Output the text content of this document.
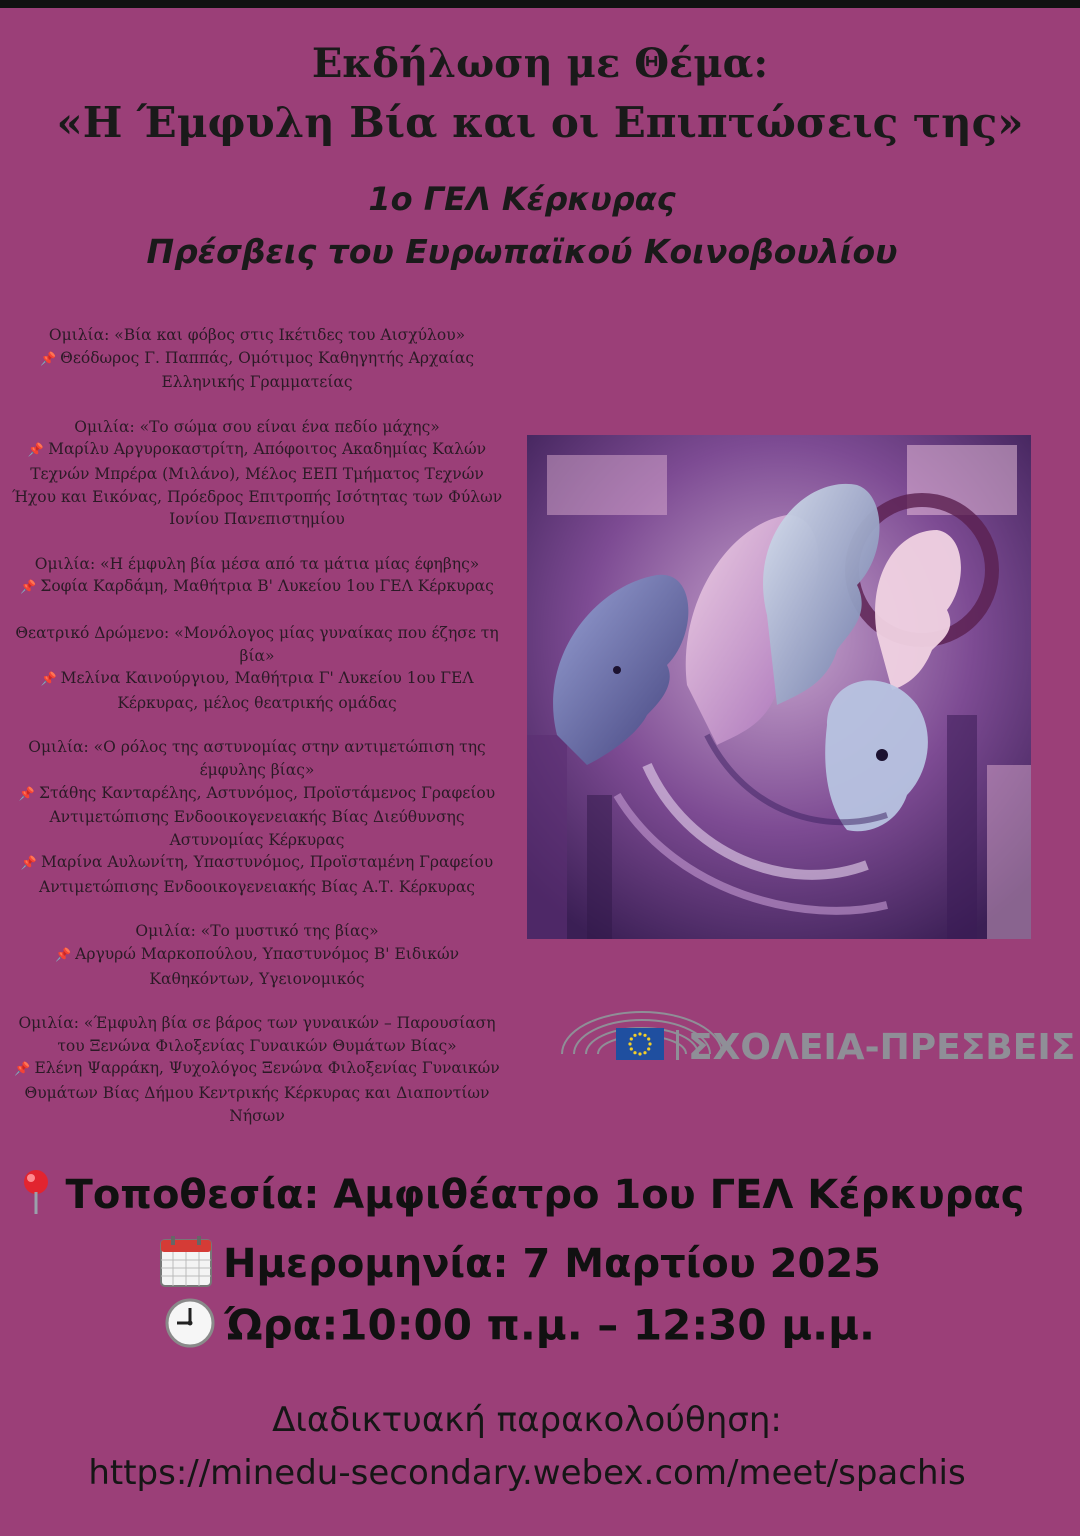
Εκδήλωση με Θέμα:
«Η Έμφυλη Βία και οι Επιπτώσεις της»
1ο ΓΕΛ Κέρκυρας
Πρέσβεις του Ευρωπαϊκού Κοινοβουλίου

Ομιλία: «Βία και φόβος στις Ικέτιδες του Αισχύλου»

📌 Θεόδωρος Γ. Παππάς, Ομότιμος Καθηγητής Αρχαίας Ελληνικής Γραμματείας

Ομιλία: «Το σώμα σου είναι ένα πεδίο μάχης»

📌 Μαρίλυ Αργυροκαστρίτη, Απόφοιτος Ακαδημίας Καλών Τεχνών Μπρέρα (Μιλάνο), Μέλος ΕΕΠ Τμήματος Τεχνών Ήχου και Εικόνας, Πρόεδρος Επιτροπής Ισότητας των Φύλων Ιονίου Πανεπιστημίου

Ομιλία: «Η έμφυλη βία μέσα από τα μάτια μίας έφηβης»

📌 Σοφία Καρδάμη, Μαθήτρια Β' Λυκείου 1ου ΓΕΛ Κέρκυρας

Θεατρικό Δρώμενο: «Μονόλογος μίας γυναίκας που έζησε τη βία»

📌 Μελίνα Καινούργιου, Μαθήτρια Γ' Λυκείου 1ου ΓΕΛ Κέρκυρας, μέλος θεατρικής ομάδας

Ομιλία: «Ο ρόλος της αστυνομίας στην αντιμετώπιση της έμφυλης βίας»

📌 Στάθης Κανταρέλης, Αστυνόμος, Προϊστάμενος Γραφείου Αντιμετώπισης Ενδοοικογενειακής Βίας Διεύθυνσης Αστυνομίας Κέρκυρας

📌 Μαρίνα Αυλωνίτη, Υπαστυνόμος, Προϊσταμένη Γραφείου Αντιμετώπισης Ενδοοικογενειακής Βίας Α.Τ. Κέρκυρας

Ομιλία: «Το μυστικό της βίας»

📌 Αργυρώ Μαρκοπούλου, Υπαστυνόμος Β' Ειδικών Καθηκόντων, Υγειονομικός

Ομιλία: «Έμφυλη βία σε βάρος των γυναικών – Παρουσίαση του Ξενώνα Φιλοξενίας Γυναικών Θυμάτων Βίας»

📌 Ελένη Ψαρράκη, Ψυχολόγος Ξενώνα Φιλοξενίας Γυναικών Θυμάτων Βίας Δήμου Κεντρικής Κέρκυρας και Διαποντίων Νήσων

ΣΧΟΛΕΙΑ-ΠΡΕΣΒΕΙΣ
Τοποθεσία: Αμφιθέατρο 1ου ΓΕΛ Κέρκυρας
Ημερομηνία: 7 Μαρτίου 2025
Ώρα:10:00 π.μ. – 12:30 μ.μ.
Διαδικτυακή παρακολούθηση:
https://minedu-secondary.webex.com/meet/spachis
